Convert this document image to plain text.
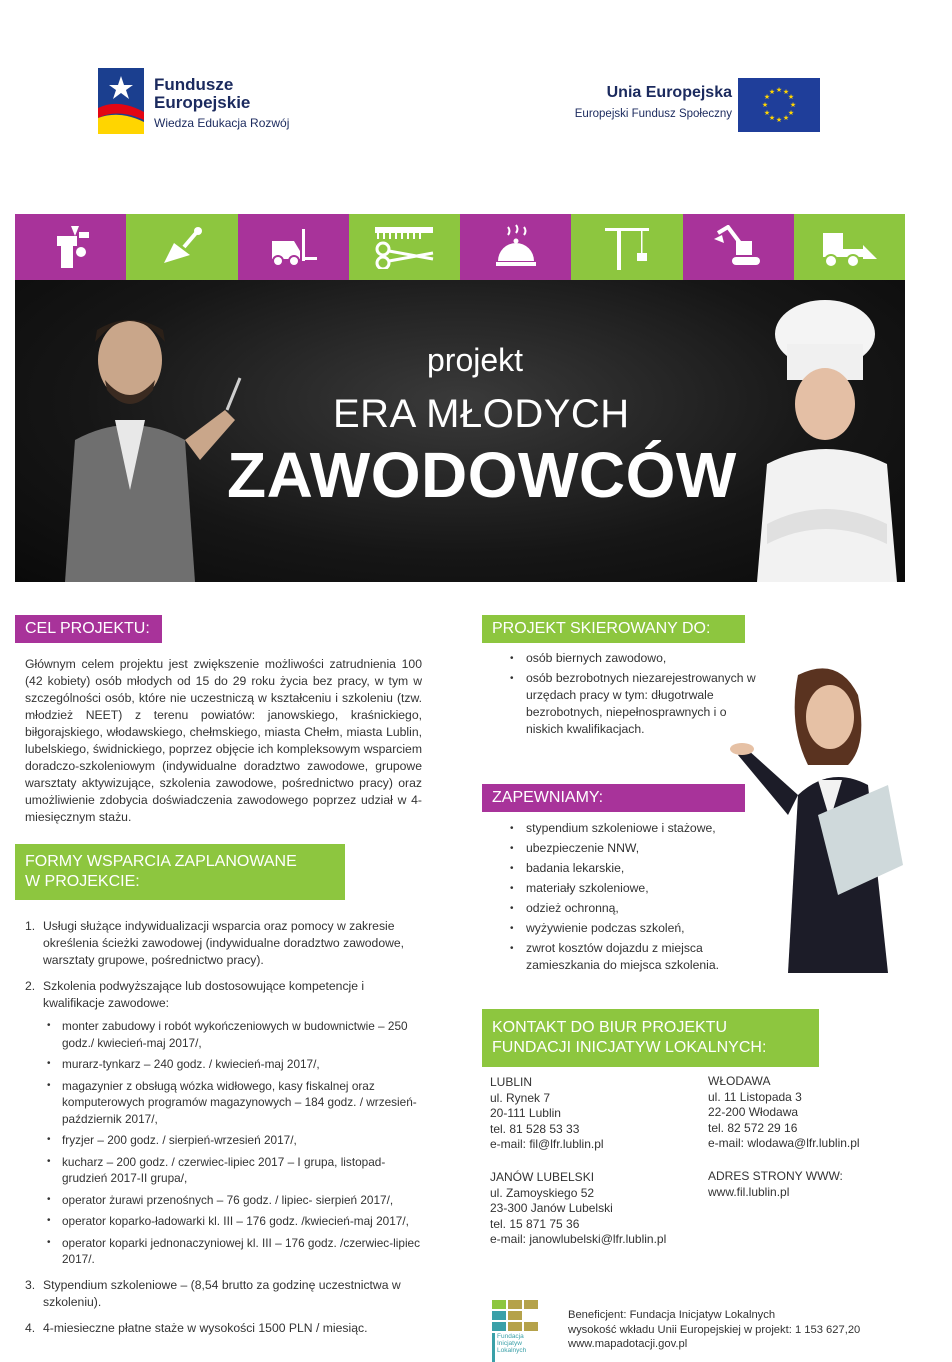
Fundusze
Europejskie
Wiedza Edukacja Rozwój
Unia Europejska
Europejski Fundusz Społeczny
★ ★
★
★
★
★
★
★
★
★
★
★
projekt
ERA MŁODYCH
ZAWODOWCÓW
CEL PROJEKTU:
Głównym celem projektu jest zwiększenie możliwości zatrudnienia 100 (42 kobiety) osób młodych od 15 do 29 roku życia bez pracy, w tym w szczególności osób, które nie uczestniczą w kształceniu i szkoleniu (tzw. młodzież NEET) z terenu powiatów: janowskiego, kraśnickiego, biłgorajskiego, włodawskiego, chełmskiego, miasta Chełm, miasta Lublin, lubelskiego, świdnickiego, poprzez objęcie ich kompleksowym wsparciem doradczo-szkoleniowym (indywidualne doradztwo zawodowe, grupowe warsztaty aktywizujące, szkolenia zawodowe, pośrednictwo pracy) oraz umożliwienie zdobycia doświadczenia zawodowego poprzez udział w 4-miesięcznym stażu.
FORMY WSPARCIA ZAPLANOWANE
W PROJEKCIE:
1. Usługi służące indywidualizacji wsparcia oraz pomocy w zakresie określenia ścieżki zawodowej (indywidualne doradztwo zawodowe, warsztaty grupowe, pośrednictwo pracy).
2. Szkolenia podwyższające lub dostosowujące kompetencje i kwalifikacje zawodowe:
• monter zabudowy i robót wykończeniowych w budownictwie – 250 godz./ kwiecień-maj 2017/,
• murarz-tynkarz – 240 godz. / kwiecień-maj 2017/,
• magazynier z obsługą wózka widłowego, kasy fiskalnej oraz komputerowych programów magazynowych – 184 godz. / wrzesień-październik 2017/,
• fryzjer – 200 godz. / sierpień-wrzesień 2017/,
• kucharz – 200 godz. / czerwiec-lipiec 2017 – I grupa, listopad-grudzień 2017-II grupa/,
• operator żurawi przenośnych – 76 godz. / lipiec- sierpień 2017/,
• operator koparko-ładowarki kl. III – 176 godz. /kwiecień-maj 2017/,
• operator koparki jednonaczyniowej kl. III – 176 godz. /czerwiec-lipiec 2017/.
3. Stypendium szkoleniowe – (8,54 brutto za godzinę uczestnictwa w szkoleniu).
4. 4-miesieczne płatne staże w wysokości 1500 PLN / miesiąc.
PROJEKT SKIEROWANY DO:
• osób biernych zawodowo,
• osób bezrobotnych niezarejestrowanych w urzędach pracy w tym: długotrwale bezrobotnych, niepełnosprawnych i o niskich kwalifikacjach.
ZAPEWNIAMY:
• stypendium szkoleniowe i stażowe,
• ubezpieczenie NNW,
• badania lekarskie,
• materiały szkoleniowe,
• odzież ochronną,
• wyżywienie podczas szkoleń,
• zwrot kosztów dojazdu z miejsca zamieszkania do miejsca szkolenia.
KONTAKT DO BIUR PROJEKTU
FUNDACJI INICJATYW LOKALNYCH:
LUBLIN
ul. Rynek 7
20-111 Lublin
tel. 81 528 53 33
e-mail: fil@lfr.lublin.pl
WŁODAWA
ul. 11 Listopada 3
22-200 Włodawa
tel. 82 572 29 16
e-mail: wlodawa@lfr.lublin.pl
JANÓW LUBELSKI
ul. Zamoyskiego 52
23-300 Janów Lubelski
tel. 15 871 75 36
e-mail: janowlubelski@lfr.lublin.pl
ADRES STRONY WWW:
www.fil.lublin.pl
Fundacja Inicjatyw Lokalnych
Beneficjent: Fundacja Inicjatyw Lokalnych
wysokość wkładu Unii Europejskiej w projekt: 1 153 627,20
www.mapadotacji.gov.pl
